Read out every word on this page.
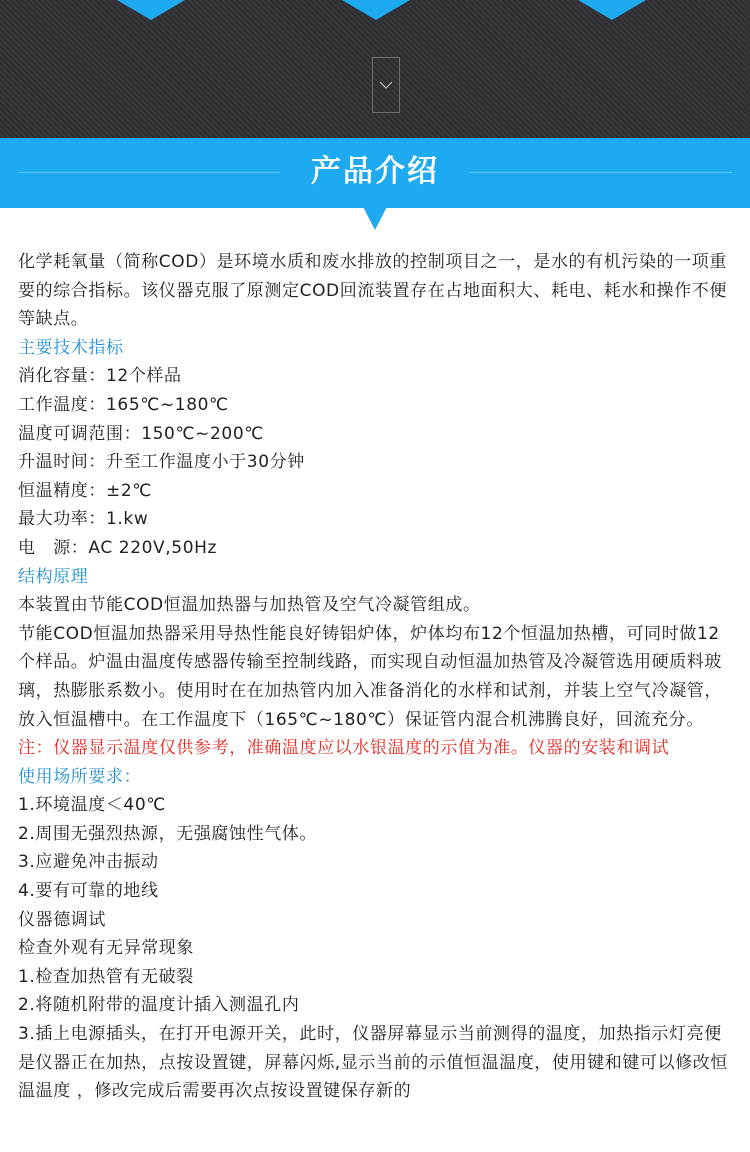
产品介绍

化学耗氧量（简称COD）是环境水质和废水排放的控制项目之一，是水的有机污染的一项重要的综合指标。该仪器克服了原测定COD回流装置存在占地面积大、耗电、耗水和操作不便等缺点。

主要技术指标

消化容量：12个样品

工作温度：165℃~180℃

温度可调范围：150℃~200℃

升温时间：升至工作温度小于30分钟

恒温精度：±2℃

最大功率：1.kw

电　源：AC 220V,50Hz

结构原理

本装置由节能COD恒温加热器与加热管及空气冷凝管组成。

节能COD恒温加热器采用导热性能良好铸铝炉体，炉体均布12个恒温加热槽，可同时做12个样品。炉温由温度传感器传输至控制线路，而实现自动恒温加热管及冷凝管选用硬质料玻璃，热膨胀系数小。使用时在在加热管内加入准备消化的水样和试剂，并装上空气冷凝管，放入恒温槽中。在工作温度下（165℃~180℃）保证管内混合机沸腾良好，回流充分。

注：仪器显示温度仅供参考，准确温度应以水银温度的示值为准。仪器的安装和调试

使用场所要求：

1.环境温度＜40℃

2.周围无强烈热源，无强腐蚀性气体。

3.应避免冲击振动

4.要有可靠的地线

仪器德调试

检查外观有无异常现象

1.检查加热管有无破裂

2.将随机附带的温度计插入测温孔内

3.插上电源插头，在打开电源开关，此时，仪器屏幕显示当前测得的温度，加热指示灯亮便是仪器正在加热，点按设置键，屏幕闪烁,显示当前的示值恒温温度，使用键和键可以修改恒温温度 ，修改完成后需要再次点按设置键保存新的
